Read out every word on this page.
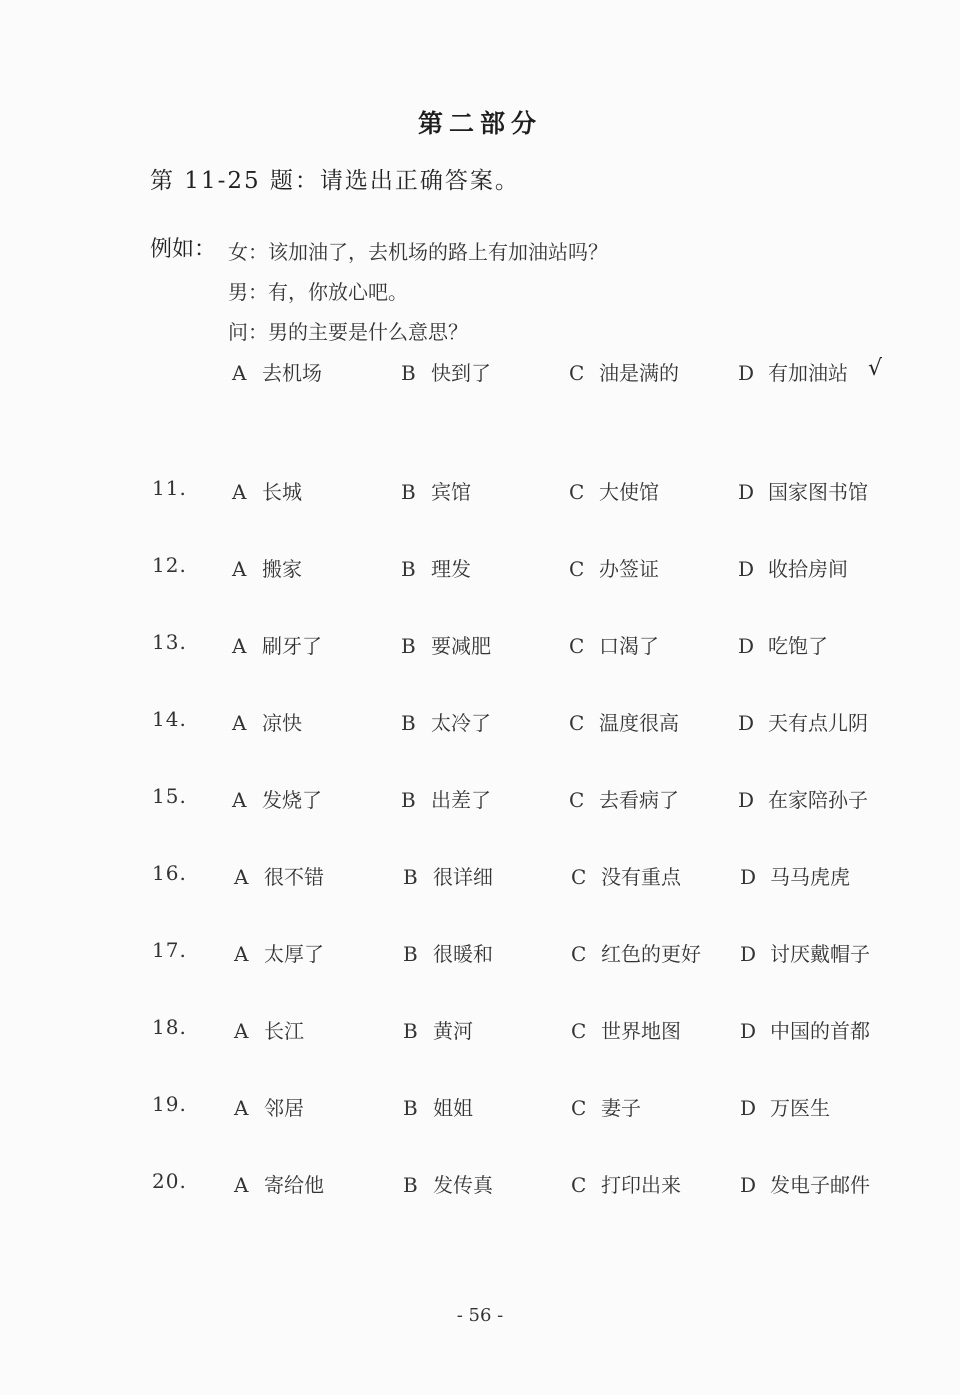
第二部分
第 11-25 题：请选出正确答案。
例如： 女：该加油了，去机场的路上有加油站吗？
男：有，你放心吧。
问：男的主要是什么意思？
A 去机场	B 快到了	C 油是满的	D 有加油站 √
11. A 长城	B 宾馆	C 大使馆	D 国家图书馆
12. A 搬家	B 理发	C 办签证	D 收拾房间
13. A 刷牙了	B 要减肥	C 口渴了	D 吃饱了
14. A 凉快	B 太冷了	C 温度很高	D 天有点儿阴
15. A 发烧了	B 出差了	C 去看病了	D 在家陪孙子
16. A 很不错	B 很详细	C 没有重点	D 马马虎虎
17. A 太厚了	B 很暖和	C 红色的更好 D 讨厌戴帽子
18. A 长江	B 黄河	C 世界地图	D 中国的首都
19. A 邻居	B 姐姐	C 妻子	D 万医生
20. A 寄给他	B 发传真	C 打印出来	D 发电子邮件
- 56 -
